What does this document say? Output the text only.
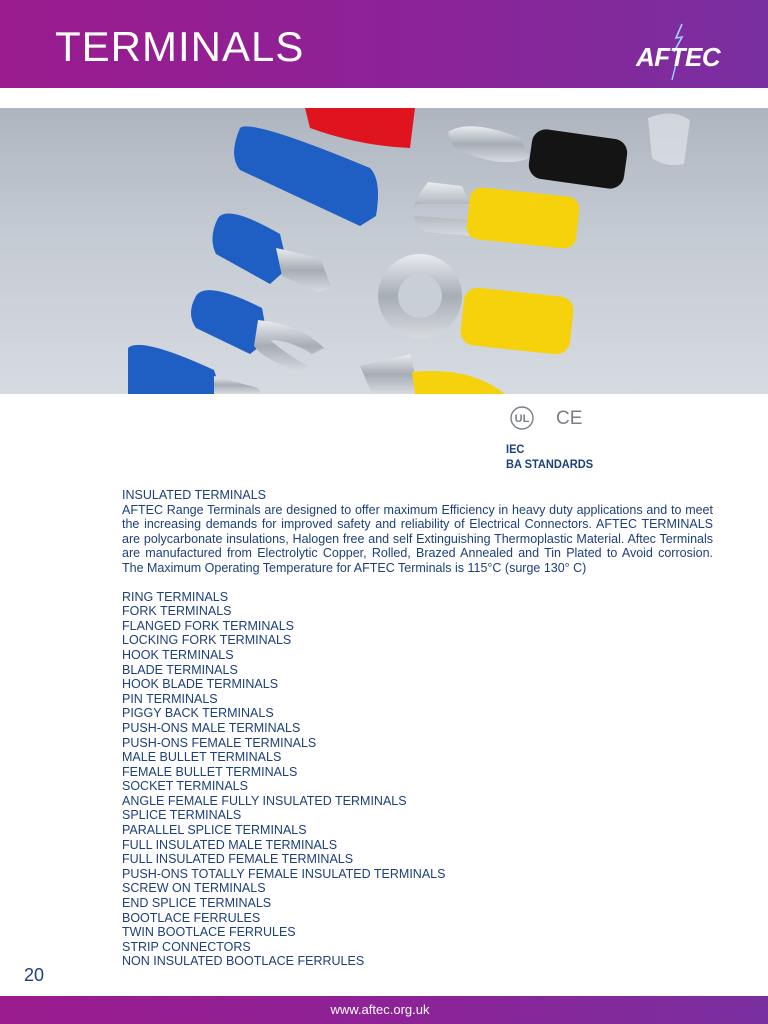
TERMINALS	AFTEC
UL CE
IEC
BA STANDARDS

INSULATED TERMINALS

AFTEC Range Terminals are designed to offer maximum Efficiency in heavy duty applications and to meet the increasing demands for improved safety and reliability of Electrical Connectors. AFTEC TERMINALS are polycarbonate insulations, Halogen free and self Extinguishing Thermoplastic Material. Aftec Terminals are manufactured from Electrolytic Copper, Rolled, Brazed Annealed and Tin Plated to Avoid corrosion. The Maximum Operating Temperature for AFTEC Terminals is 115°C (surge 130° C)

RING TERMINALS
FORK TERMINALS
FLANGED FORK TERMINALS
LOCKING FORK TERMINALS
HOOK TERMINALS
BLADE TERMINALS
HOOK BLADE TERMINALS
PIN TERMINALS
PIGGY BACK TERMINALS
PUSH-ONS MALE TERMINALS
PUSH-ONS FEMALE TERMINALS
MALE BULLET TERMINALS
FEMALE BULLET TERMINALS
SOCKET TERMINALS
ANGLE FEMALE FULLY INSULATED TERMINALS
SPLICE TERMINALS
PARALLEL SPLICE TERMINALS
FULL INSULATED MALE TERMINALS
FULL INSULATED FEMALE TERMINALS
PUSH-ONS TOTALLY FEMALE INSULATED TERMINALS
SCREW ON TERMINALS
END SPLICE TERMINALS
BOOTLACE FERRULES
TWIN BOOTLACE FERRULES
STRIP CONNECTORS
NON INSULATED BOOTLACE FERRULES
20
www.aftec.org.uk
